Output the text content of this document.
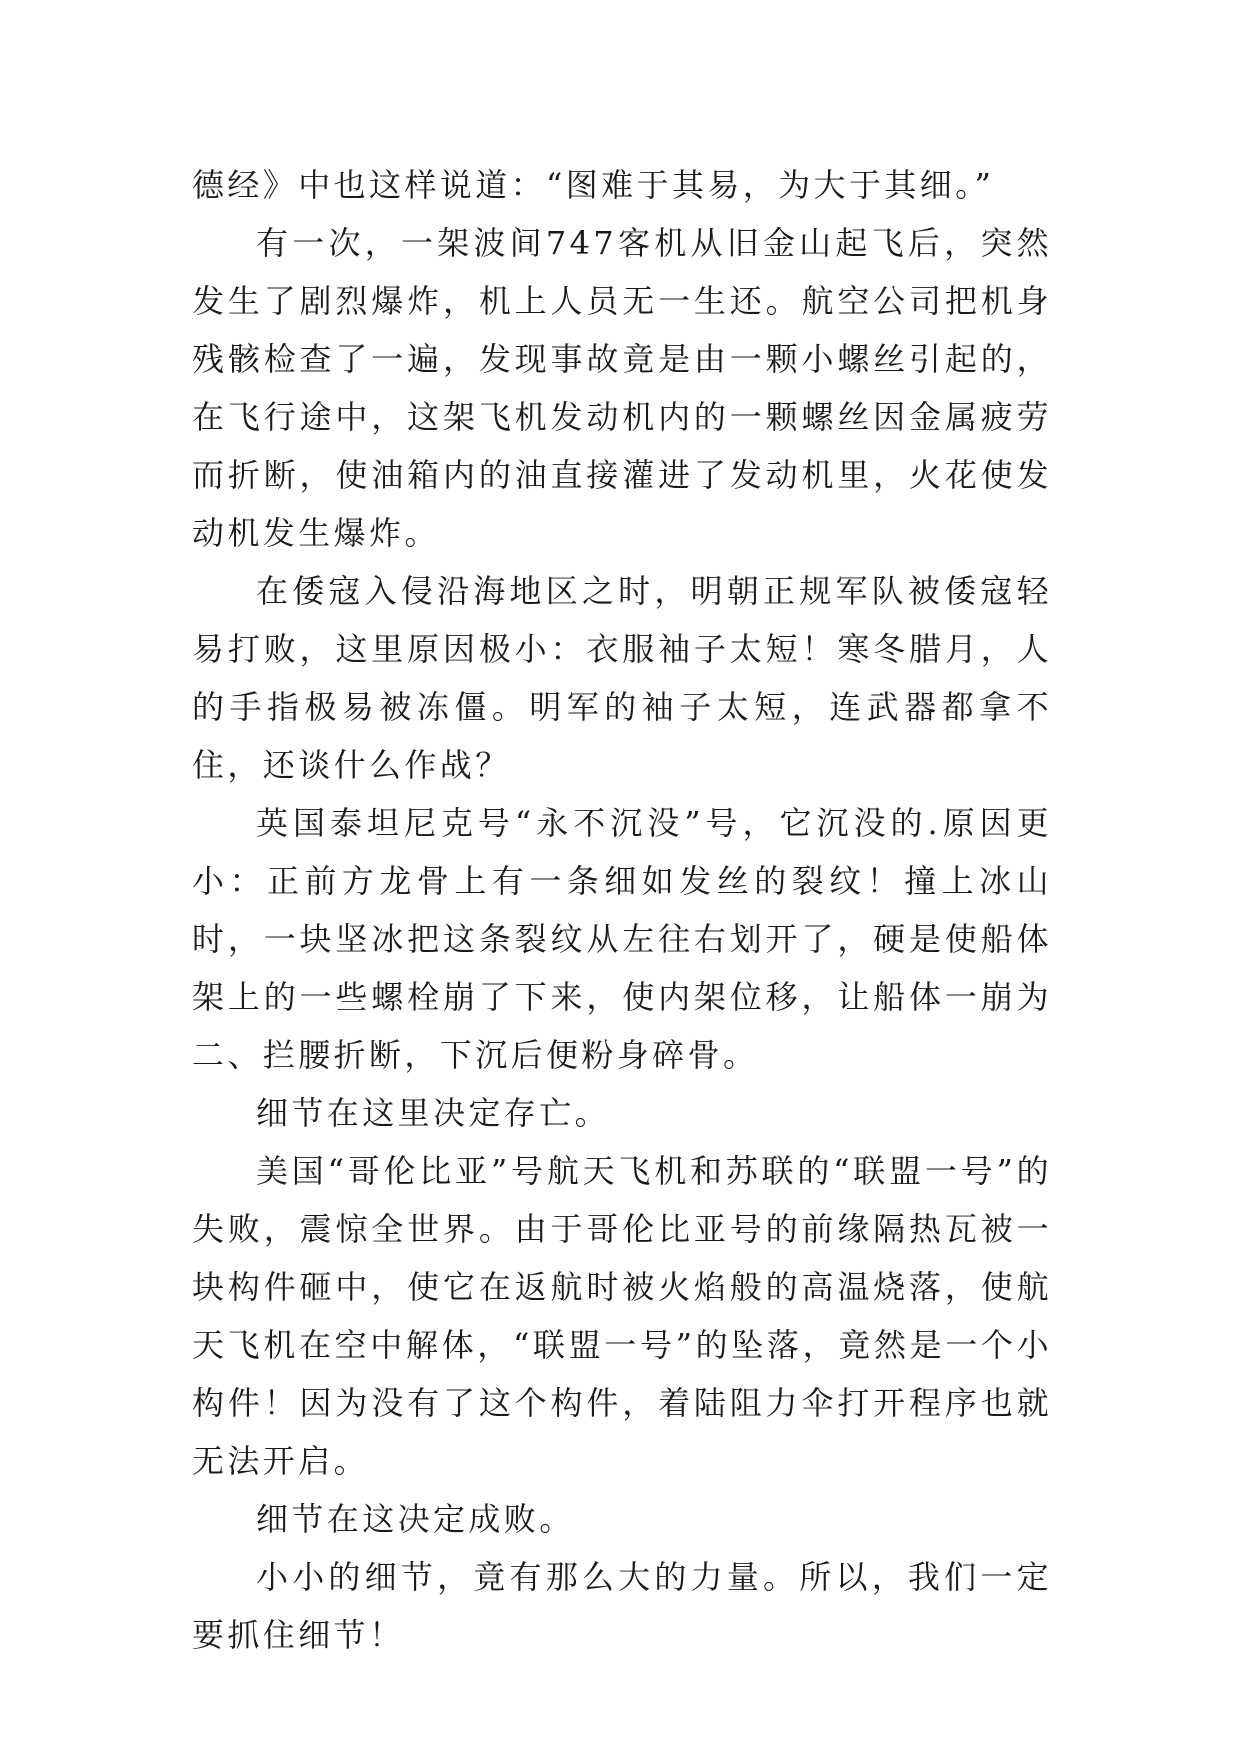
德经》中也这样说道：“图难于其易，为大于其细。”

有一次，一架波间747客机从旧金山起飞后，突然发生了剧烈爆炸，机上人员无一生还。航空公司把机身残骸检查了一遍，发现事故竟是由一颗小螺丝引起的，在飞行途中，这架飞机发动机内的一颗螺丝因金属疲劳而折断，使油箱内的油直接灌进了发动机里，火花使发动机发生爆炸。

在倭寇入侵沿海地区之时，明朝正规军队被倭寇轻易打败，这里原因极小：衣服袖子太短！寒冬腊月，人的手指极易被冻僵。明军的袖子太短，连武器都拿不住，还谈什么作战？

英国泰坦尼克号“永不沉没”号，它沉没的.原因更小：正前方龙骨上有一条细如发丝的裂纹！撞上冰山时，一块坚冰把这条裂纹从左往右划开了，硬是使船体架上的一些螺栓崩了下来，使内架位移，让船体一崩为二、拦腰折断，下沉后便粉身碎骨。

细节在这里决定存亡。

美国“哥伦比亚”号航天飞机和苏联的“联盟一号”的失败，震惊全世界。由于哥伦比亚号的前缘隔热瓦被一块构件砸中，使它在返航时被火焰般的高温烧落，使航天飞机在空中解体，“联盟一号”的坠落，竟然是一个小构件！因为没有了这个构件，着陆阻力伞打开程序也就无法开启。

细节在这决定成败。

小小的细节，竟有那么大的力量。所以，我们一定要抓住细节！
